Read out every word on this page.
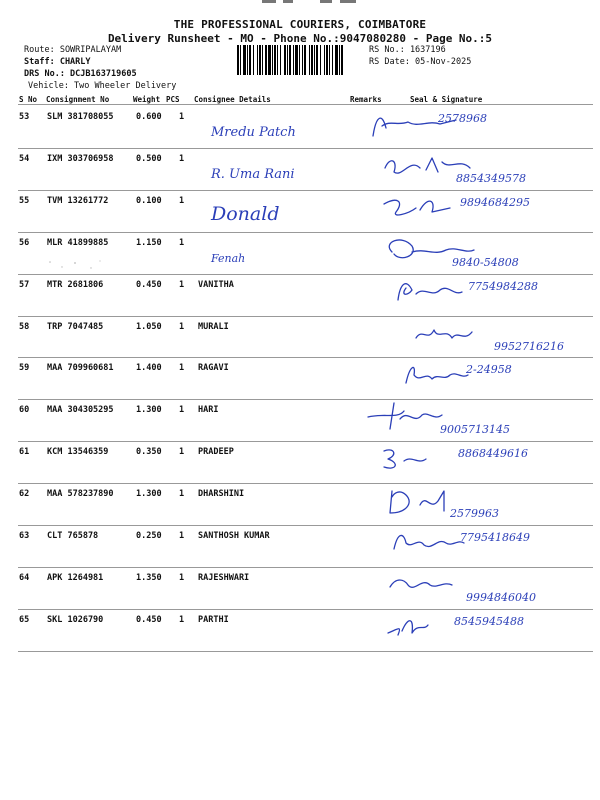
THE PROFESSIONAL COURIERS, COIMBATORE
Delivery Runsheet - MO - Phone No.:9047080280 - Page No.:5
Route: SOWRIPALAYAM
Staff: CHARLY
DRS No.: DCJB163719605
Vehicle: Two Wheeler Delivery
RS No.: 1637196
RS Date: 05-Nov-2025
S No Consignment No	Weight PCS Consignee Details	Remarks	Seal & Signature
53 SLM 381708055	0.600 1
Mredu Patch
2578968
54 IXM 303706958	0.500 1
R. Uma Rani	8854349578
55 TVM 13261772	0.100 1
Donald
9894684295
56 MLR 41899885	1.150 1
Fenah	9840-54808
57 MTR 2681806	0.450 1 VANITHA	7754984288
58 TRP 7047485	1.050 1 MURALI
9952716216
59 MAA 709960681	1.400 1 RAGAVI	2-24958
60 MAA 304305295	1.300 1 HARI
9005713145
61 KCM 13546359	0.350 1 PRADEEP	8868449616
62 MAA 578237890	1.300 1 DHARSHINI
2579963
63 CLT 765878	0.250 1 SANTHOSH KUMAR	7795418649
64 APK 1264981	1.350 1 RAJESHWARI
9994846040
65 SKL 1026790	0.450 1 PARTHI	8545945488
